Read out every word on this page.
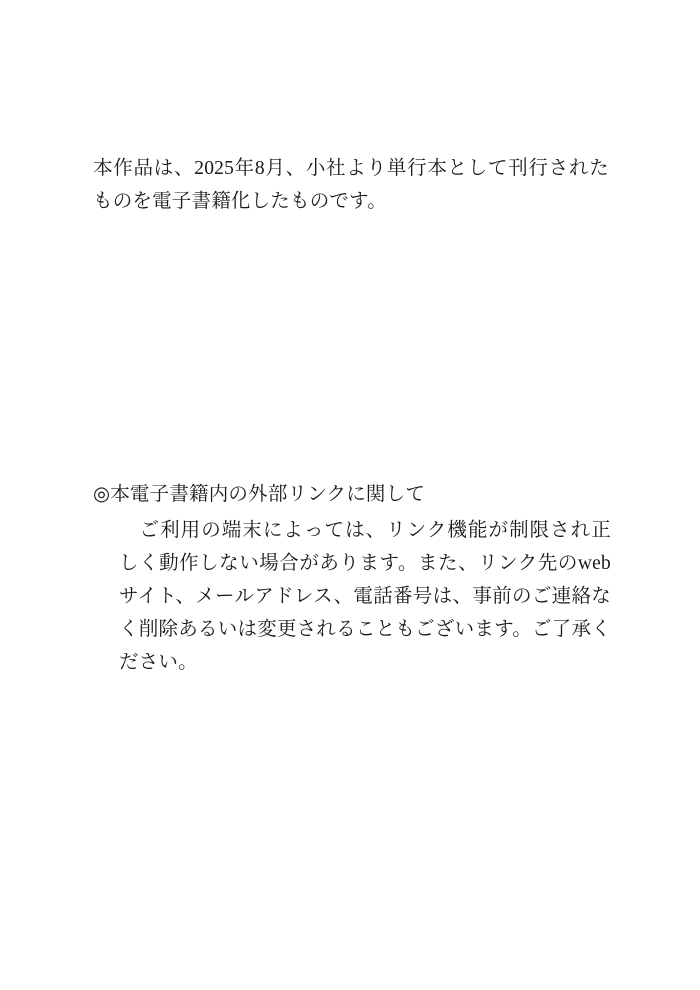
本作品は、2025年8月、小社より単行本として刊行されたものを電子書籍化したものです。

◎本電子書籍内の外部リンクに関して

　ご利用の端末によっては、リンク機能が制限され正しく動作しない場合があります。また、リンク先のwebサイト、メールアドレス、電話番号は、事前のご連絡なく削除あるいは変更されることもございます。ご了承ください。
